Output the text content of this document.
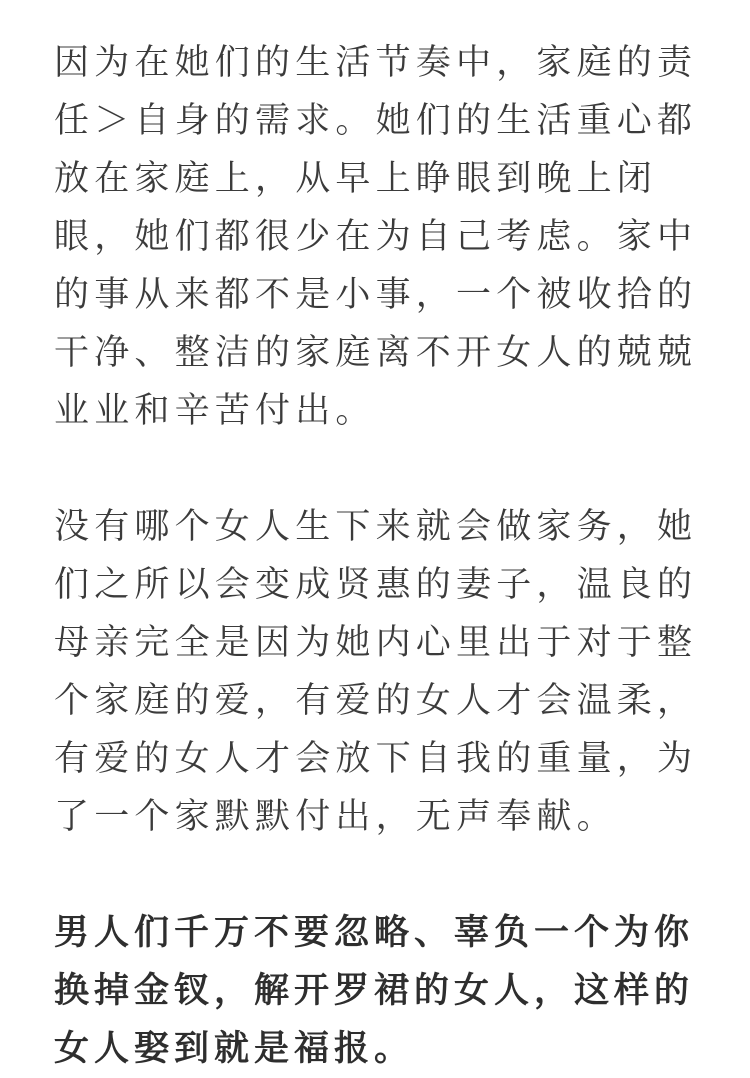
因为在她们的生活节奏中，家庭的责任＞自身的需求。她们的生活重心都放在家庭上，从早上睁眼到晚上闭眼，她们都很少在为自己考虑。家中的事从来都不是小事，一个被收拾的干净、整洁的家庭离不开女人的兢兢业业和辛苦付出。

没有哪个女人生下来就会做家务，她们之所以会变成贤惠的妻子，温良的母亲完全是因为她内心里出于对于整个家庭的爱，有爱的女人才会温柔，有爱的女人才会放下自我的重量，为了一个家默默付出，无声奉献。

男人们千万不要忽略、辜负一个为你换掉金钗，解开罗裙的女人，这样的女人娶到就是福报。
